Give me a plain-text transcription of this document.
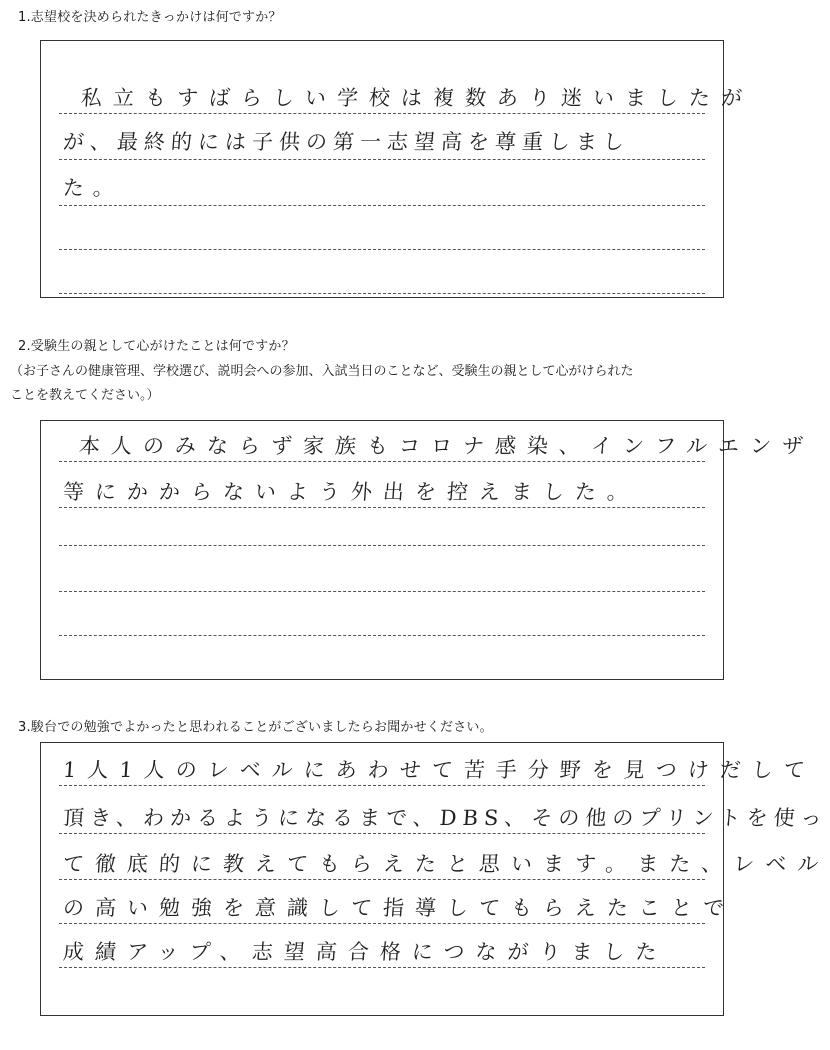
1.志望校を決められたきっかけは何ですか？
私立もすばらしい学校は複数あり迷いましたが
が、最終的には子供の第一志望高を尊重しまし
た。
2.受験生の親として心がけたことは何ですか？
（お子さんの健康管理、学校選び、説明会への参加、入試当日のことなど、受験生の親として心がけられた
ことを教えてください。）
本人のみならず家族もコロナ感染、インフルエンザ
等にかからないよう外出を控えました。
3.駿台での勉強でよかったと思われることがございましたらお聞かせください。
1人1人のレベルにあわせて苦手分野を見つけだして
頂き、わかるようになるまで、DBS、その他のプリントを使っ
て徹底的に教えてもらえたと思います。また、レベル
の高い勉強を意識して指導してもらえたことで
成績アップ、志望高合格につながりました
